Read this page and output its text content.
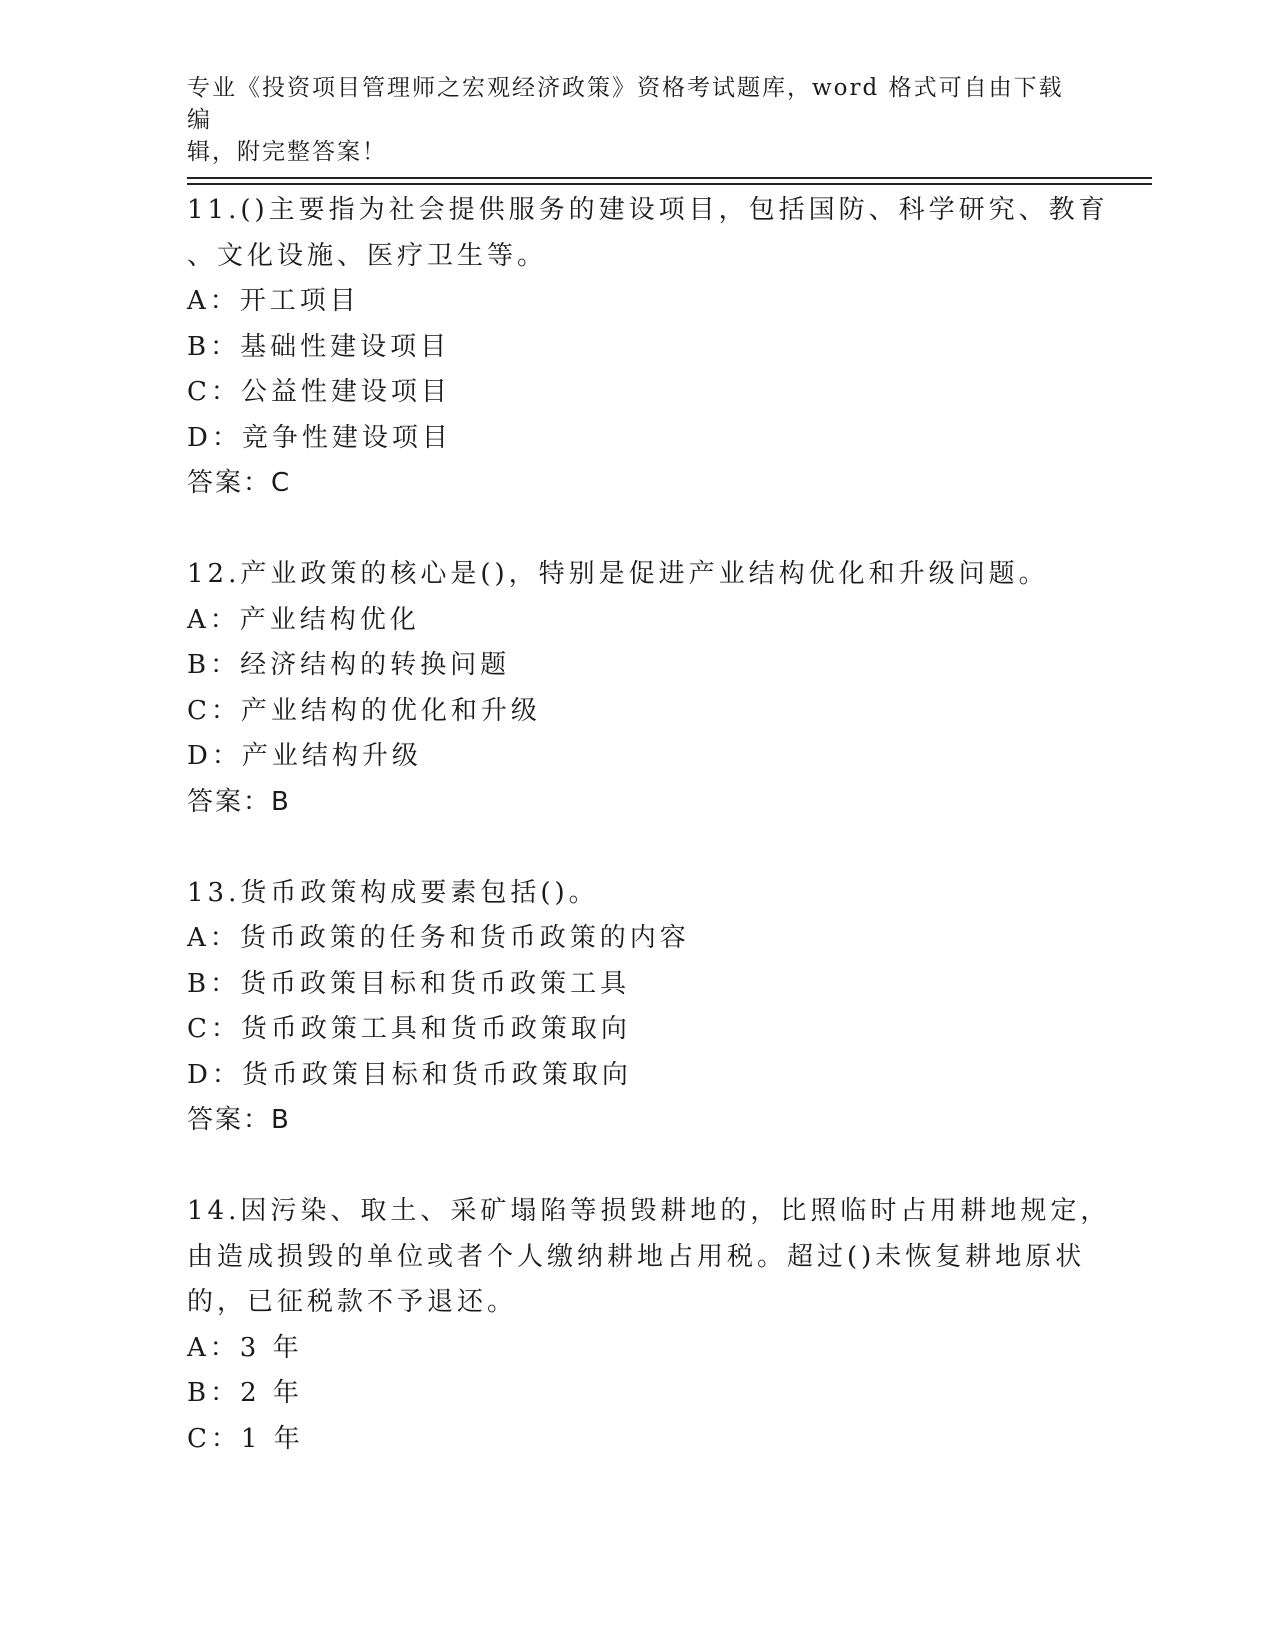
专业《投资项目管理师之宏观经济政策》资格考试题库，word 格式可自由下载编
辑，附完整答案！
11.()主要指为社会提供服务的建设项目，包括国防、科学研究、教育
、文化设施、医疗卫生等。
A：开工项目
B：基础性建设项目
C：公益性建设项目
D：竞争性建设项目
答案：C
12.产业政策的核心是()，特别是促进产业结构优化和升级问题。
A：产业结构优化
B：经济结构的转换问题
C：产业结构的优化和升级
D：产业结构升级
答案：B
13.货币政策构成要素包括()。
A：货币政策的任务和货币政策的内容
B：货币政策目标和货币政策工具
C：货币政策工具和货币政策取向
D：货币政策目标和货币政策取向
答案：B
14.因污染、取土、采矿塌陷等损毁耕地的，比照临时占用耕地规定，
由造成损毁的单位或者个人缴纳耕地占用税。超过()未恢复耕地原状
的，已征税款不予退还。
A：3 年
B：2 年
C：1 年
